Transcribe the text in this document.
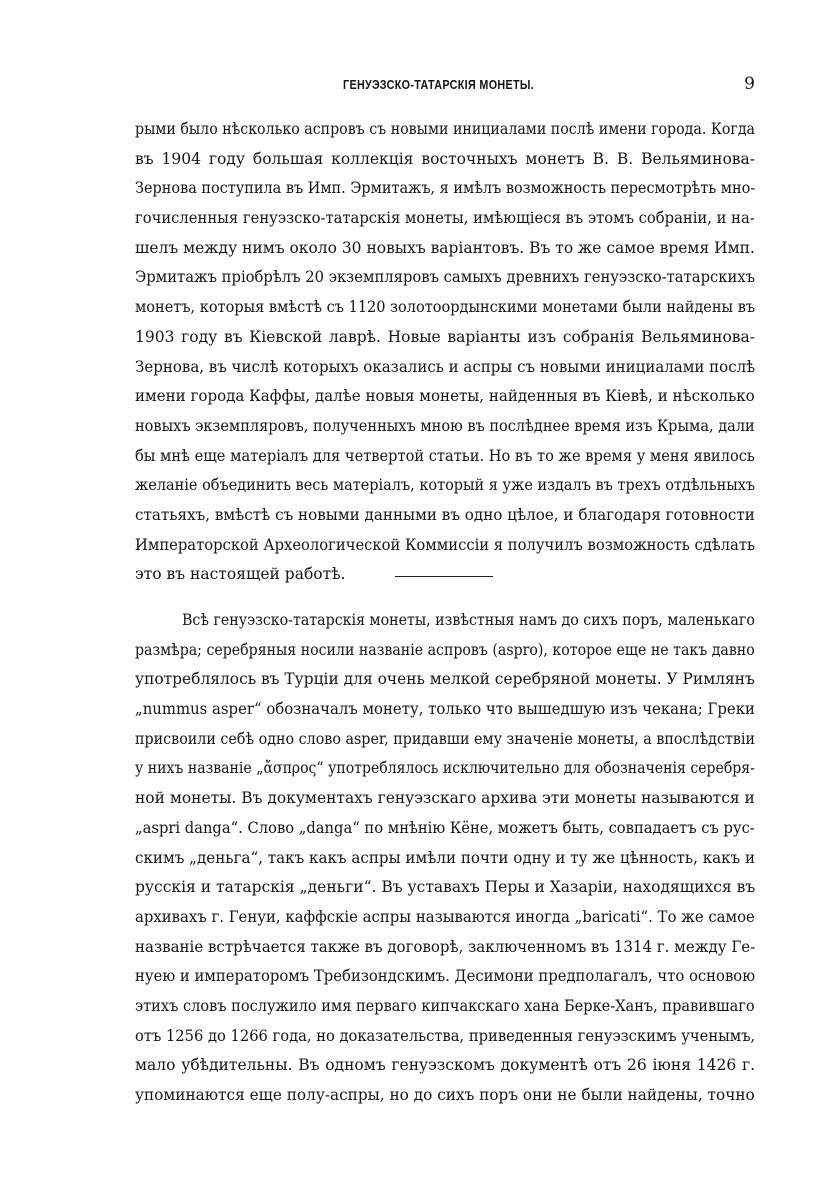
ГЕНУЭЗСКО-ТАТАРСКІЯ МОНЕТЫ.	9
рыми было нѣсколько аспровъ съ новыми инициалами послѣ имени города. Когда
въ 1904 году большая коллекція восточныхъ монетъ В. В. Вельяминова-
Зернова поступила въ Имп. Эрмитажъ, я имѣлъ возможность пересмотрѣть мно-
гочисленныя генуэзско-татарскія монеты, имѣющіеся въ этомъ собраніи, и на-
шелъ между нимъ около 30 новыхъ варіантовъ. Въ то же самое время Имп.
Эрмитажъ пріобрѣлъ 20 экземпляровъ самыхъ древнихъ генуэзско-татарскихъ
монетъ, которыя вмѣстѣ съ 1120 золотоордынскими монетами были найдены въ
1903 году въ Кіевской лаврѣ. Новые варіанты изъ собранія Вельяминова-
Зернова, въ числѣ которыхъ оказались и аспры съ новыми инициалами послѣ
имени города Каффы, далѣе новыя монеты, найденныя въ Кіевѣ, и нѣсколько
новыхъ экземпляровъ, полученныхъ мною въ послѣднее время изъ Крыма, дали
бы мнѣ еще матеріалъ для четвертой статьи. Но въ то же время у меня явилось
желаніе объединить весь матеріалъ, который я уже издалъ въ трехъ отдѣльныхъ
статьяхъ, вмѣстѣ съ новыми данными въ одно цѣлое, и благодаря готовности
Императорской Археологической Коммиссіи я получилъ возможность сдѣлать
это въ настоящей работѣ.
Всѣ генуэзско-татарскія монеты, извѣстныя намъ до сихъ поръ, маленькаго
размѣра; серебряныя носили названіе аспровъ (asprо), которое еще не такъ давно
употреблялось въ Турціи для очень мелкой серебряной монеты. У Римлянъ
„nummus asper“ обозначалъ монету, только что вышедшую изъ чекана; Греки
присвоили себѣ одно слово asper, придавши ему значеніе монеты, а впослѣдствіи
у нихъ названіе „ἄσπρος“ употреблялось исключительно для обозначенія серебря-
ной монеты. Въ документахъ генуэзскаго архива эти монеты называются и
„asprі dangа“. Слово „danga“ по мнѣнію Кёне, можетъ быть, совпадаетъ съ рус-
скимъ „деньга“, такъ какъ аспры имѣли почти одну и ту же цѣнность, какъ и
русскія и татарскія „деньги“. Въ уставахъ Перы и Хазаріи, находящихся въ
архивахъ г. Генуи, каффскіе аспры называются иногда „baricati“. То же самое
названіе встрѣчается также въ договорѣ, заключенномъ въ 1314 г. между Ге-
нуею и императоромъ Требизондскимъ. Десимони предполагалъ, что основою
этихъ словъ послужило имя перваго кипчакскаго хана Берке-Ханъ, правившаго
отъ 1256 до 1266 года, но доказательства, приведенныя генуэзскимъ ученымъ,
мало убѣдительны. Въ одномъ генуэзскомъ документѣ отъ 26 іюня 1426 г.
упоминаются еще полу-аспры, но до сихъ поръ они не были найдены, точно
